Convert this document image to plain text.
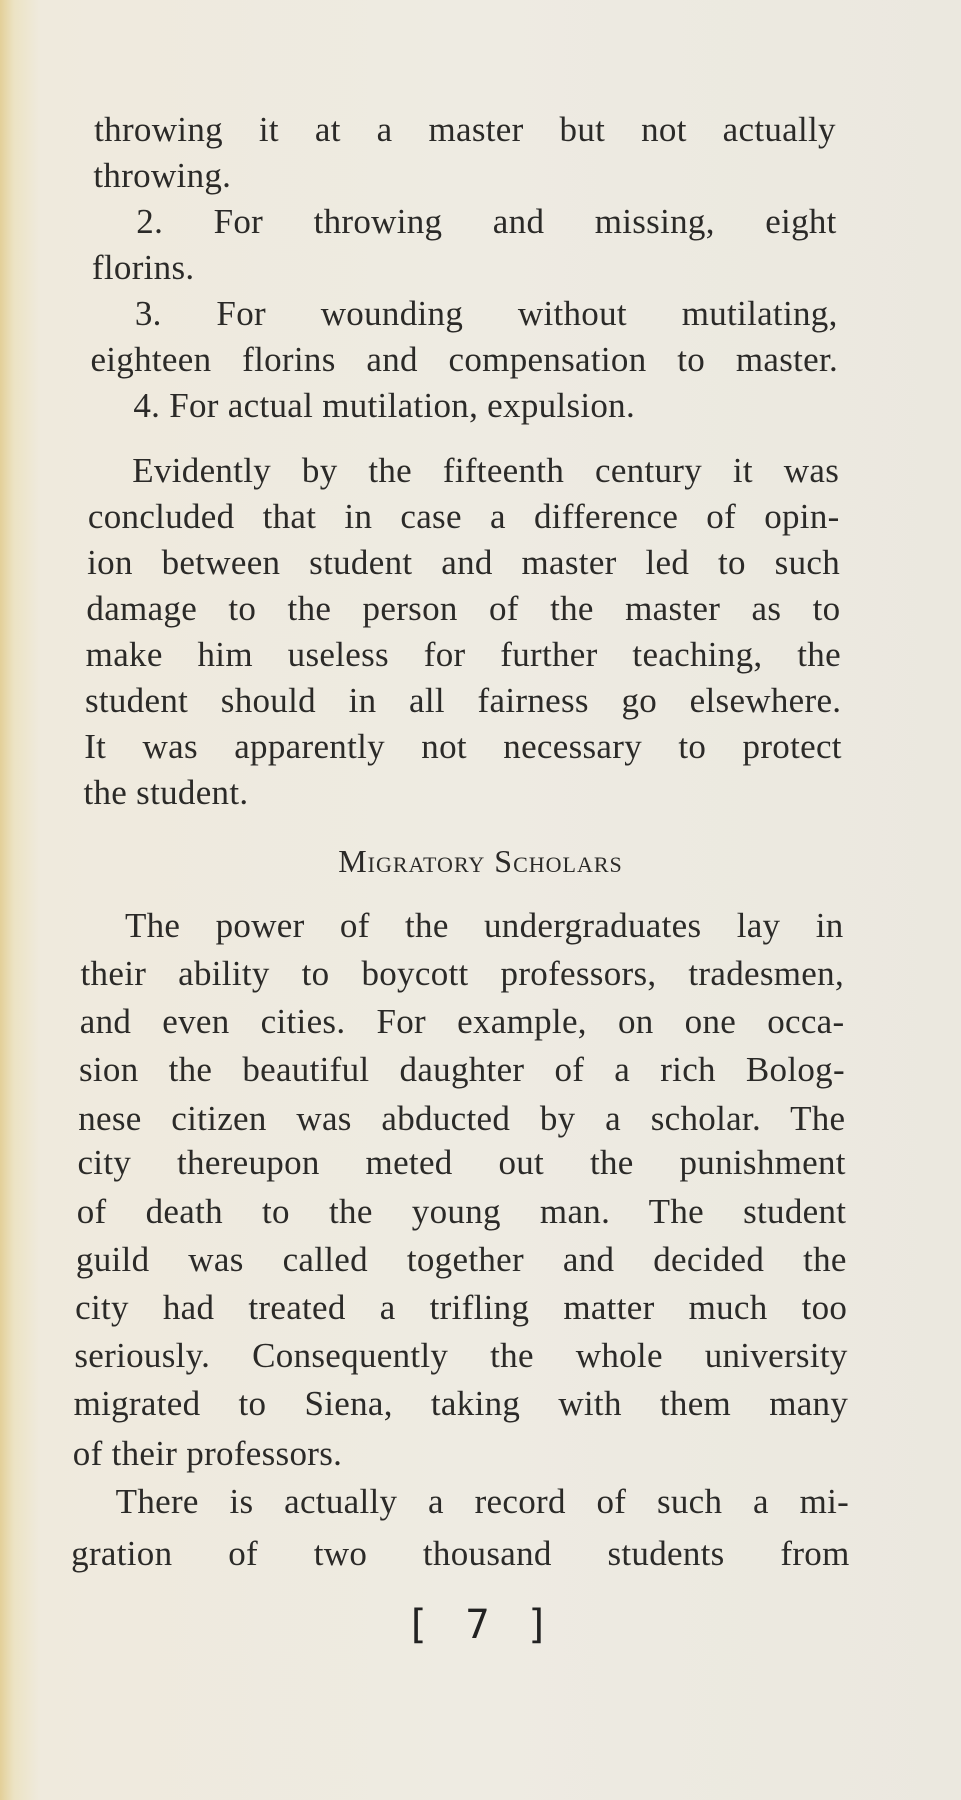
throwing it at a master but not actually
throwing.
2. For throwing and missing, eight
florins.
3. For wounding without mutilating,
eighteen florins and compensation to master.
4. For actual mutilation, expulsion.
Evidently by the fifteenth century it was
concluded that in case a difference of opin-
ion between student and master led to such
damage to the person of the master as to
make him useless for further teaching, the
student should in all fairness go elsewhere.
It was apparently not necessary to protect
the student.
The power of the undergraduates lay in
their ability to boycott professors, tradesmen,
and even cities. For example, on one occa-
sion the beautiful daughter of a rich Bolog-
nese citizen was abducted by a scholar. The
city thereupon meted out the punishment
of death to the young man. The student
guild was called together and decided the
city had treated a trifling matter much too
seriously. Consequently the whole university
migrated to Siena, taking with them many
of their professors.
There is actually a record of such a mi-
gration of two thousand students from
Migratory Scholars
[ 7 ]
